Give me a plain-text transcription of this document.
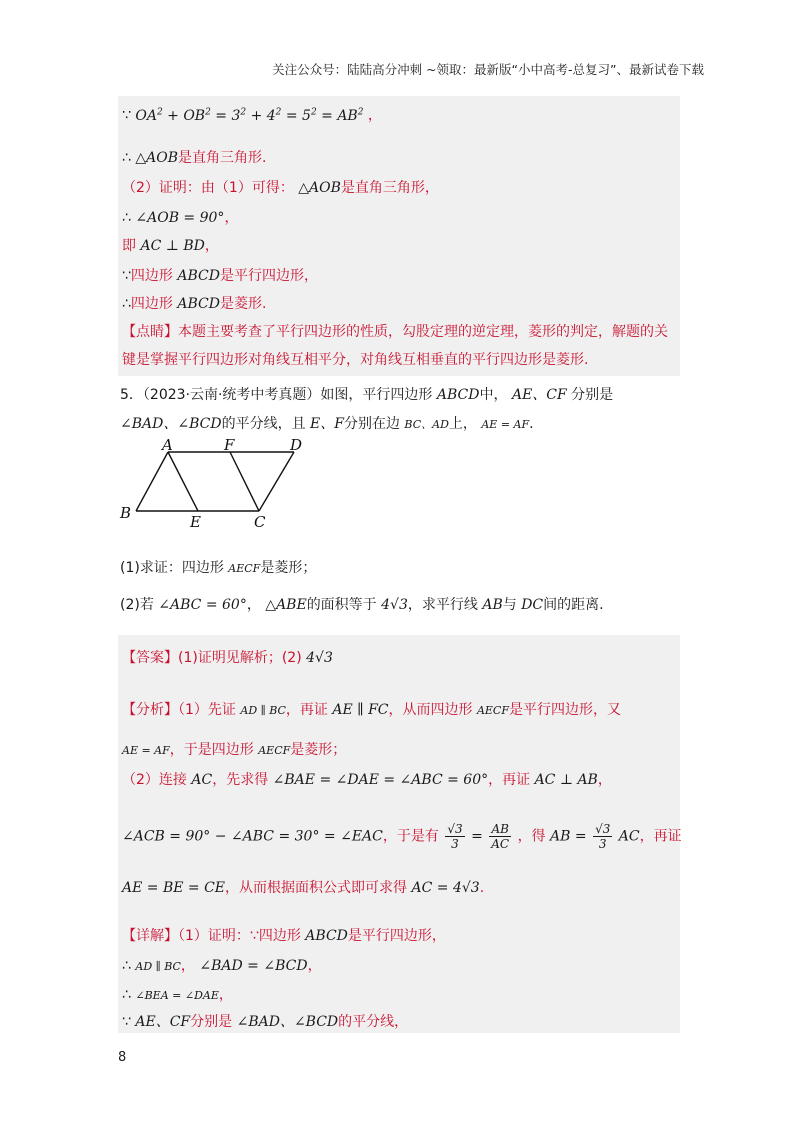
关注公众号：陆陆高分冲刺 ~领取：最新版“小中高考-总复习”、最新试卷下载
∵ $OA^2 + OB^2 = 3^2 + 4^2 = 5^2 = AB^2$ ，
∴ △AOB是直角三角形.
（2）证明：由（1）可得： △AOB是直角三角形，
∴ ∠AOB = 90°，
即 AC ⊥ BD，
∵四边形 ABCD是平行四边形，
∴四边形 ABCD是菱形.
【点睛】本题主要考查了平行四边形的性质，勾股定理的逆定理，菱形的判定，解题的关
键是掌握平行四边形对角线互相平分，对角线互相垂直的平行四边形是菱形.
5．（2023·云南·统考中考真题）如图，平行四边形 ABCD中， AE、CF 分别是
∠BAD、∠BCD的平分线，且 E、F分别在边 BC、AD上， AE = AF.
A	F	D
B	E	C
(1)求证：四边形 AECF是菱形；
(2)若 ∠ABC = 60°， △ABE的面积等于 4√3，求平行线 AB与 DC间的距离.
【答案】(1)证明见解析；(2) 4√3
【分析】（1）先证 AD ∥ BC，再证 AE ∥ FC，从而四边形 AECF是平行四边形，又
AE = AF，于是四边形 AECF是菱形；
（2）连接 AC，先求得 ∠BAE = ∠DAE = ∠ABC = 60°，再证 AC ⊥ AB，
∠ACB = 90° − ∠ABC = 30° = ∠EAC，于是有 $\frac{√3}{3} = \frac{AB}{AC}$ ，得 AB = $\frac{√3}{3}$ AC，再证
AE = BE = CE，从而根据面积公式即可求得 AC = 4√3.
【详解】（1）证明：∵四边形 ABCD是平行四边形，
∴ AD ∥ BC， ∠BAD = ∠BCD，
∴ ∠BEA = ∠DAE，
∵ AE、CF分别是 ∠BAD、∠BCD的平分线，
8
